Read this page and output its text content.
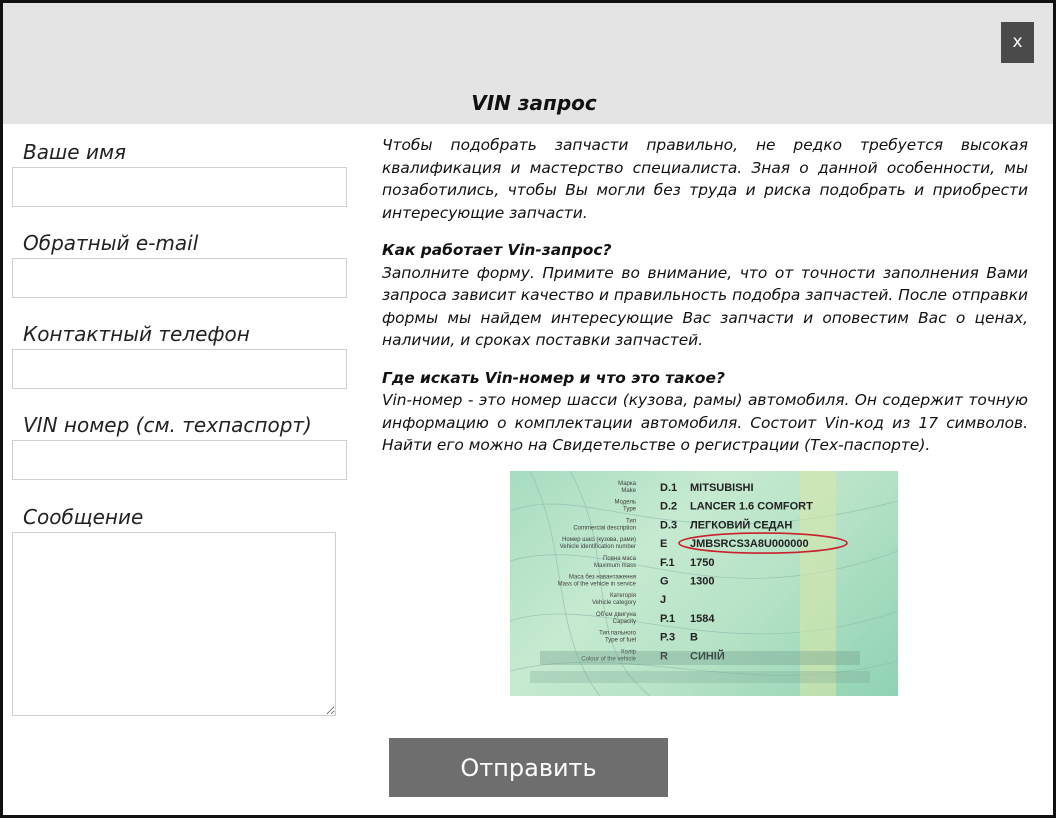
x
VIN запрос
Ваше имя
Обратный e-mail
Контактный телефон
VIN номер (см. техпаспорт)
Сообщение

Чтобы подобрать запчасти правильно, не редко требуется высокая квалификация и мастерство специалиста. Зная о данной особенности, мы позаботились, чтобы Вы могли без труда и риска подобрать и приобрести интересующие запчасти.

Как работает Vin-запрос?
Заполните форму. Примите во внимание, что от точности заполнения Вами запроса зависит качество и правильность подобра запчастей. После отправки формы мы найдем интересующие Вас запчасти и оповестим Вас о ценах, наличии, и сроках поставки запчастей.

Где искать Vin-номер и что это такое?
Vin-номер - это номер шасси (кузова, рамы) автомобиля. Он содержит точную информацию о комплектации автомобиля. Состоит Vin-код из 17 символов. Найти его можно на Свидетельстве о регистрации (Тех-паспорте).

Марка
Make D.1 MITSUBISHI
Модель
Type D.2 LANCER 1.6 COMFORT
Тип
Commercial description D.3 ЛЕГКОВИЙ СЕДАН
Номер шасі (кузова, рами)
Vehicle identification number E JMBSRCS3A8U000000
Повна маса
Maximum mass F.1 1750
Маса без навантаження
Mass of the vehicle in service G 1300
Категорія
Vehicle category J
Об'єм двигуна
Capacity P.1 1584
Тип пального
Type of fuel P.3 B
Колір
Colour of the vehicle R СИНІЙ
Отправить
